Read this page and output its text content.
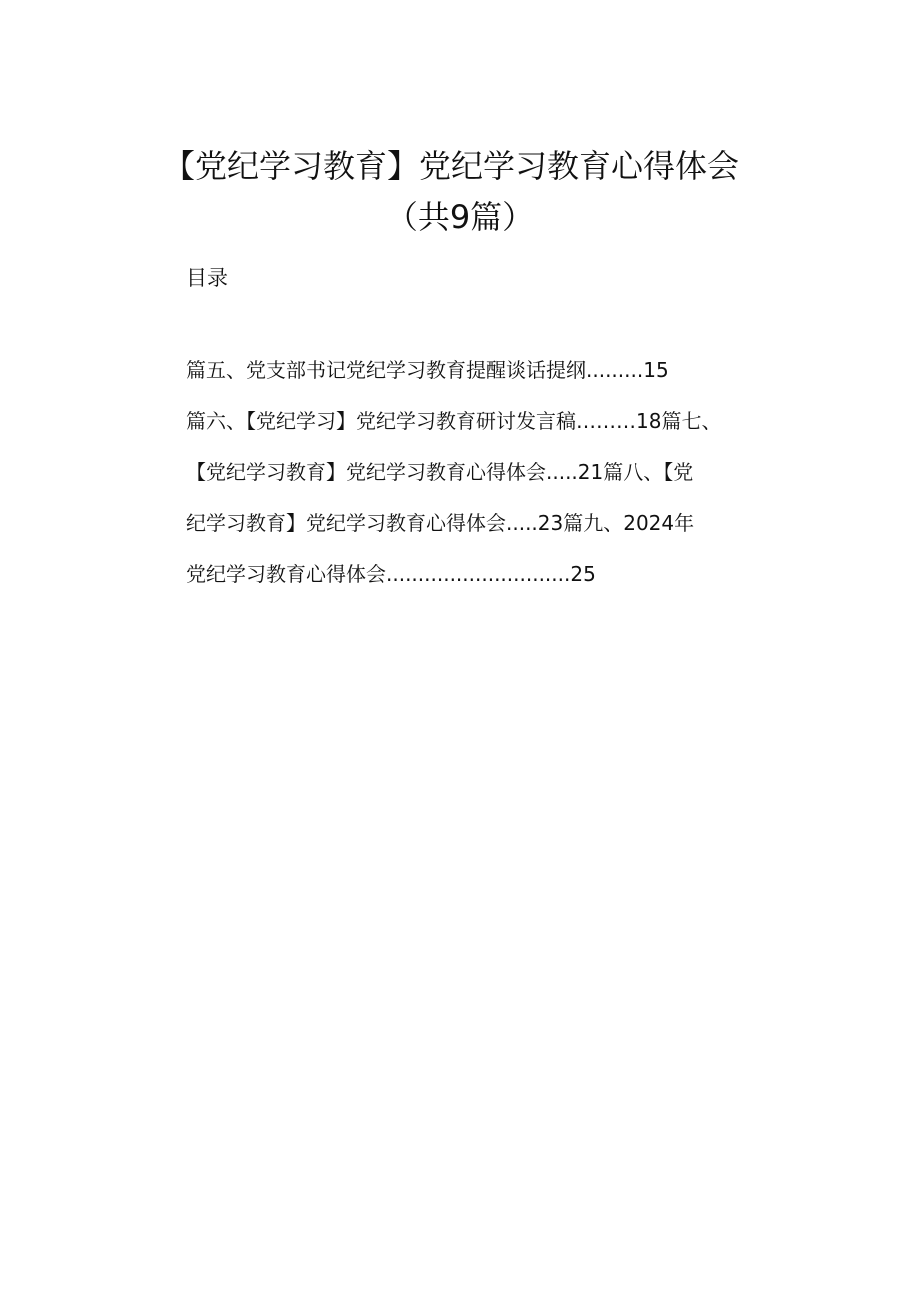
【党纪学习教育】党纪学习教育心得体会
（共9篇）
目录
篇五、党支部书记党纪学习教育提醒谈话提纲.........15
篇六、【党纪学习】党纪学习教育研讨发言稿………18篇七、
【党纪学习教育】党纪学习教育心得体会.....21篇八、【党
纪学习教育】党纪学习教育心得体会.....23篇九、2024年
党纪学习教育心得体会.............................25
